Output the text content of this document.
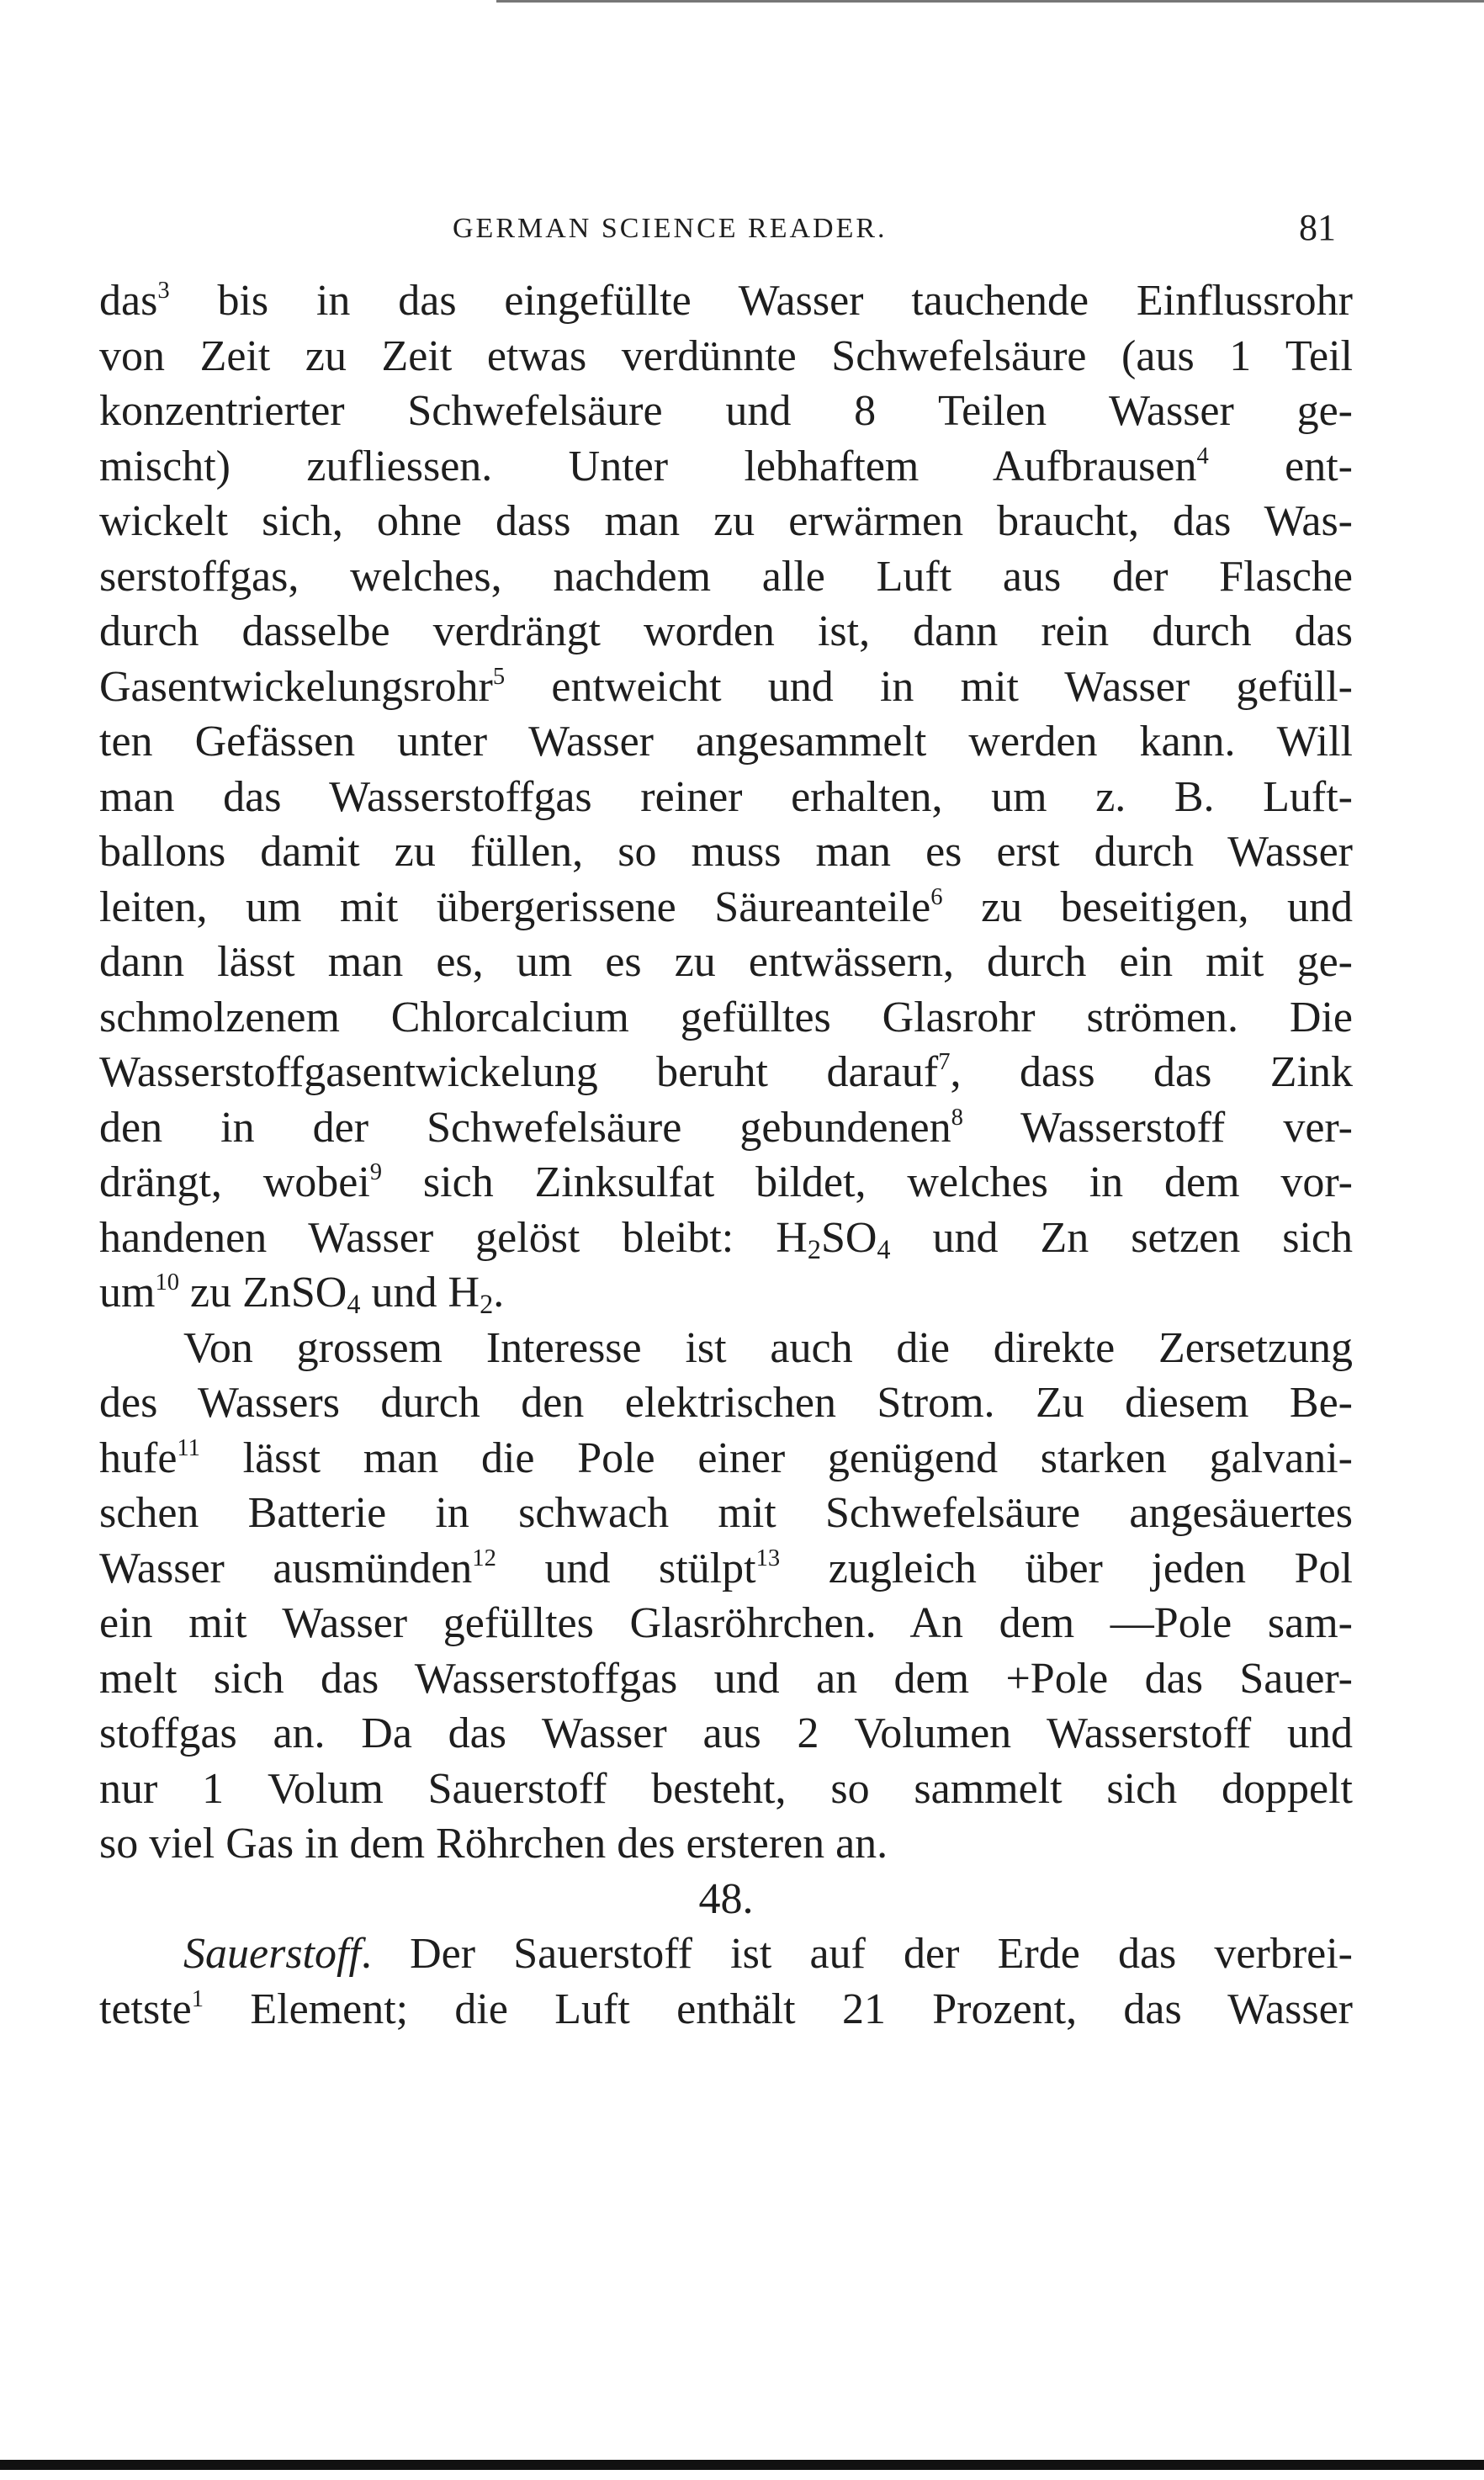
GERMAN SCIENCE READER.	81
das$^3$ bis in das eingefüllte Wasser tauchende Einflussrohr
von Zeit zu Zeit etwas verdünnte Schwefelsäure (aus 1 Teil
konzentrierter Schwefelsäure und 8 Teilen Wasser ge-
mischt) zufliessen. Unter lebhaftem Aufbrausen$^4$ ent-
wickelt sich, ohne dass man zu erwärmen braucht, das Was-
serstoffgas, welches, nachdem alle Luft aus der Flasche
durch dasselbe verdrängt worden ist, dann rein durch das
Gasentwickelungsrohr$^5$ entweicht und in mit Wasser gefüll-
ten Gefässen unter Wasser angesammelt werden kann. Will
man das Wasserstoffgas reiner erhalten, um z. B. Luft-
ballons damit zu füllen, so muss man es erst durch Wasser
leiten, um mit übergerissene Säureanteile$^6$ zu beseitigen, und
dann lässt man es, um es zu entwässern, durch ein mit ge-
schmolzenem Chlorcalcium gefülltes Glasrohr strömen. Die
Wasserstoffgasentwickelung beruht darauf$^7$, dass das Zink
den in der Schwefelsäure gebundenen$^8$ Wasserstoff ver-
drängt, wobei$^9$ sich Zinksulfat bildet, welches in dem vor-
handenen Wasser gelöst bleibt: $H_2SO_4$ und Zn setzen sich
$um^{10}$ zu ZnSO$_4$ und $H_2$.
Von grossem Interesse ist auch die direkte Zersetzung
des Wassers durch den elektrischen Strom. Zu diesem Be-
hufe$^{11}$ lässt man die Pole einer genügend starken galvani-
schen Batterie in schwach mit Schwefelsäure angesäuertes
Wasser ausmünden$^{12}$ und stülpt$^{13}$ zugleich über jeden Pol
ein mit Wasser gefülltes Glasröhrchen. An dem —Pole sam-
melt sich das Wasserstoffgas und an dem +Pole das Sauer-
stoffgas an. Da das Wasser aus 2 Volumen Wasserstoff und
nur 1 Volum Sauerstoff besteht, so sammelt sich doppelt
so viel Gas in dem Röhrchen des ersteren an.
48.
Sauerstoff. Der Sauerstoff ist auf der Erde das verbrei-
tetste$^1$ Element; die Luft enthält 21 Prozent, das Wasser
